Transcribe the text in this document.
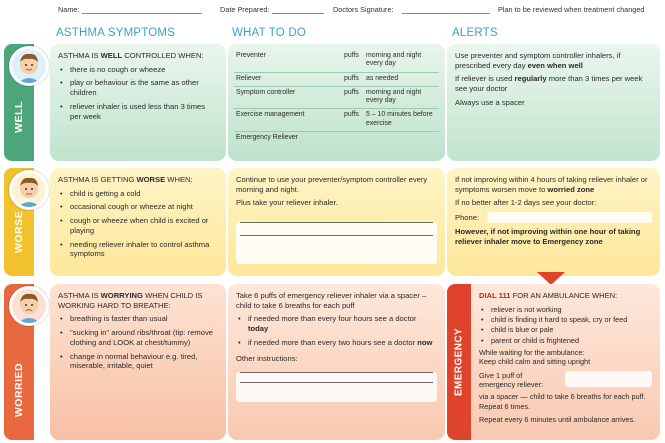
Name:	Date Prepared:	Doctors Signature:	Plan to be reviewed when treatment changed
ASTHMA SYMPTOMS	WHAT TO DO	ALERTS
WELL
ASTHMA IS WELL CONTROLLED WHEN:
• there is no cough or wheeze
• play or behaviour is the same as other children
• reliever inhaler is used less than 3 times per week
Preventer	puffs	morning and night every day
Reliever	puffs	as needed
Symptom controller	puffs	morning and night every day
Exercise management	puffs	5 – 10 minutes before exercise
Emergency Reliever		
Use preventer and symptom controller inhalers, if prescribed every day even when well
If reliever is used regularly more than 3 times per week see your doctor
Always use a spacer
WORSE
ASTHMA IS GETTING WORSE WHEN:
• child is getting a cold
• occasional cough or wheeze at night
• cough or wheeze when child is excited or playing
• needing reliever inhaler to control asthma symptoms
Continue to use your preventer/symptom controller every morning and night.
Plus take your reliever inhaler.
If not improving within 4 hours of taking reliever inhaler or symptoms worsen move to worried zone
If no better after 1-2 days see your doctor:
Phone:
However, if not improving within one hour of taking reliever inhaler move to Emergency zone
WORRIED
ASTHMA IS WORRYING WHEN CHILD IS WORKING HARD TO BREATHE:
• breathing is faster than usual
• "sucking in" around ribs/throat (tip: remove clothing and LOOK at chest/tummy)
• change in normal behaviour e.g. tired, miserable, irritable, quiet
Take 6 puffs of emergency reliever inhaler via a spacer – child to take 6 breaths for each puff
• if needed more than every four hours see a doctor today
• if needed more than every two hours see a doctor now
Other instructions:	EMERGENCY
DIAL 111 FOR AN AMBULANCE WHEN:
• reliever is not working
• child is finding it hard to speak, cry or feed
• child is blue or pale
• parent or child is frightened
While waiting for the ambulance:
Keep child calm and sitting upright
Give 1 puff of emergency reliever:
via a spacer — child to take 6 breaths for each puff. Repeat 6 times.
Repeat every 6 minutes until ambulance arrives.
